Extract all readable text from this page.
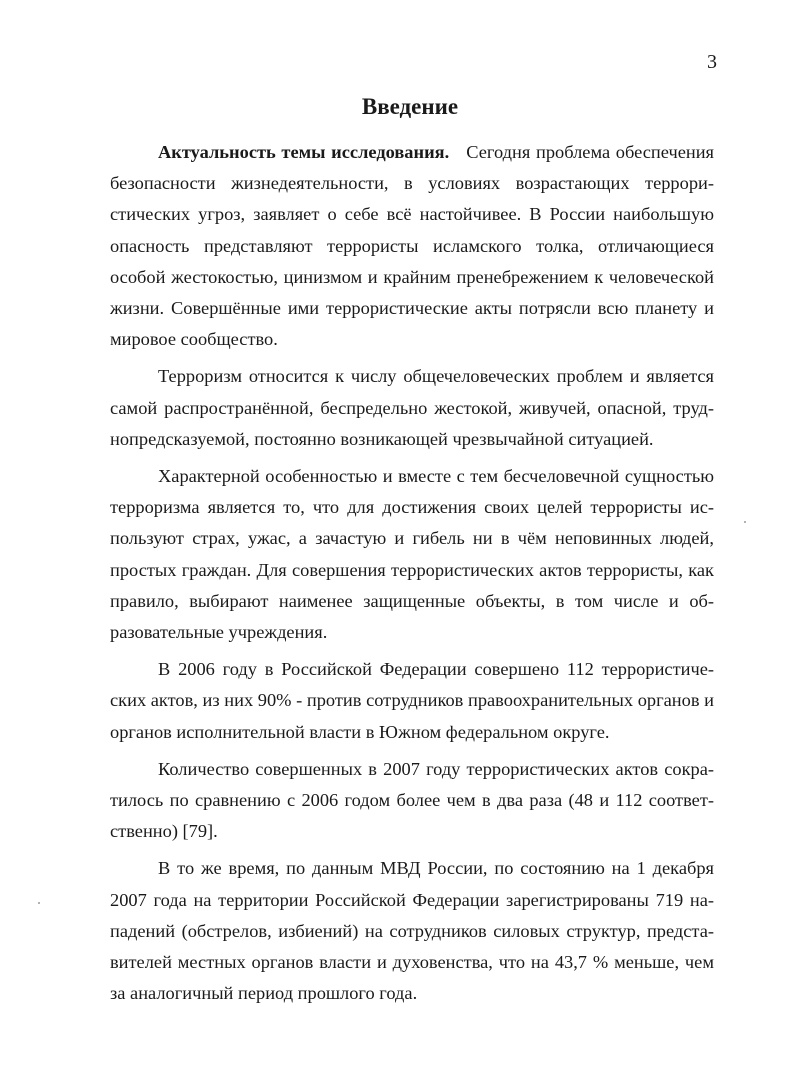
3
Введение

Актуальность темы исследования. Сегодня проблема обеспечения безопасности жизнедеятельности, в условиях возрастающих террористических угроз, заявляет о себе всё настойчивее. В России наибольшую опасность представляют террористы исламского толка, отличающиеся особой жестокостью, цинизмом и крайним пренебрежением к человеческой жизни. Совершённые ими террористические акты потрясли всю планету и мировое сообщество.

Терроризм относится к числу общечеловеческих проблем и является самой распространённой, беспредельно жестокой, живучей, опасной, труднопредсказуемой, постоянно возникающей чрезвычайной ситуацией.

Характерной особенностью и вместе с тем бесчеловечной сущностью терроризма является то, что для достижения своих целей террористы используют страх, ужас, а зачастую и гибель ни в чём неповинных людей, простых граждан. Для совершения террористических актов террористы, как правило, выбирают наименее защищенные объекты, в том числе и образовательные учреждения.

В 2006 году в Российской Федерации совершено 112 террористических актов, из них 90% - против сотрудников правоохранительных органов и органов исполнительной власти в Южном федеральном округе.

Количество совершенных в 2007 году террористических актов сократилось по сравнению с 2006 годом более чем в два раза (48 и 112 соответственно) [79].

В то же время, по данным МВД России, по состоянию на 1 декабря 2007 года на территории Российской Федерации зарегистрированы 719 нападений (обстрелов, избиений) на сотрудников силовых структур, представителей местных органов власти и духовенства, что на 43,7 % меньше, чем за аналогичный период прошлого года.
